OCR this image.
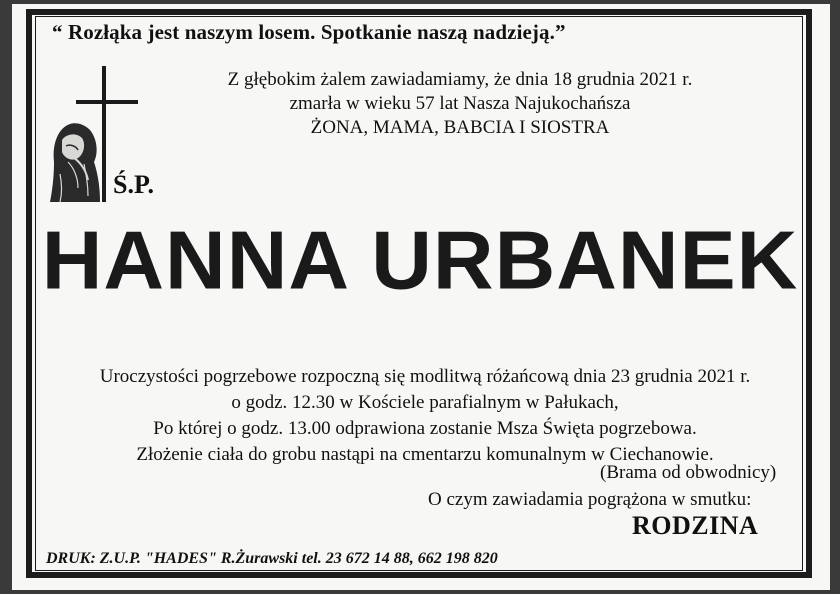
“ Rozłąka jest naszym losem. Spotkanie naszą nadzieją.”
Z głębokim żalem zawiadamiamy, że dnia 18 grudnia 2021 r.
zmarła w wieku 57 lat Nasza Najukochańsza
ŻONA, MAMA, BABCIA I SIOSTRA
Ś.P.
HANNA URBANEK
Uroczystości pogrzebowe rozpoczną się modlitwą różańcową dnia 23 grudnia 2021 r.
o godz. 12.30 w Kościele parafialnym w Pałukach,
Po której o godz. 13.00 odprawiona zostanie Msza Święta pogrzebowa.
Złożenie ciała do grobu nastąpi na cmentarzu komunalnym w Ciechanowie.
(Brama od obwodnicy)
O czym zawiadamia pogrążona w smutku:
RODZINA
DRUK: Z.U.P. "HADES" R.Żurawski tel. 23 672 14 88, 662 198 820
